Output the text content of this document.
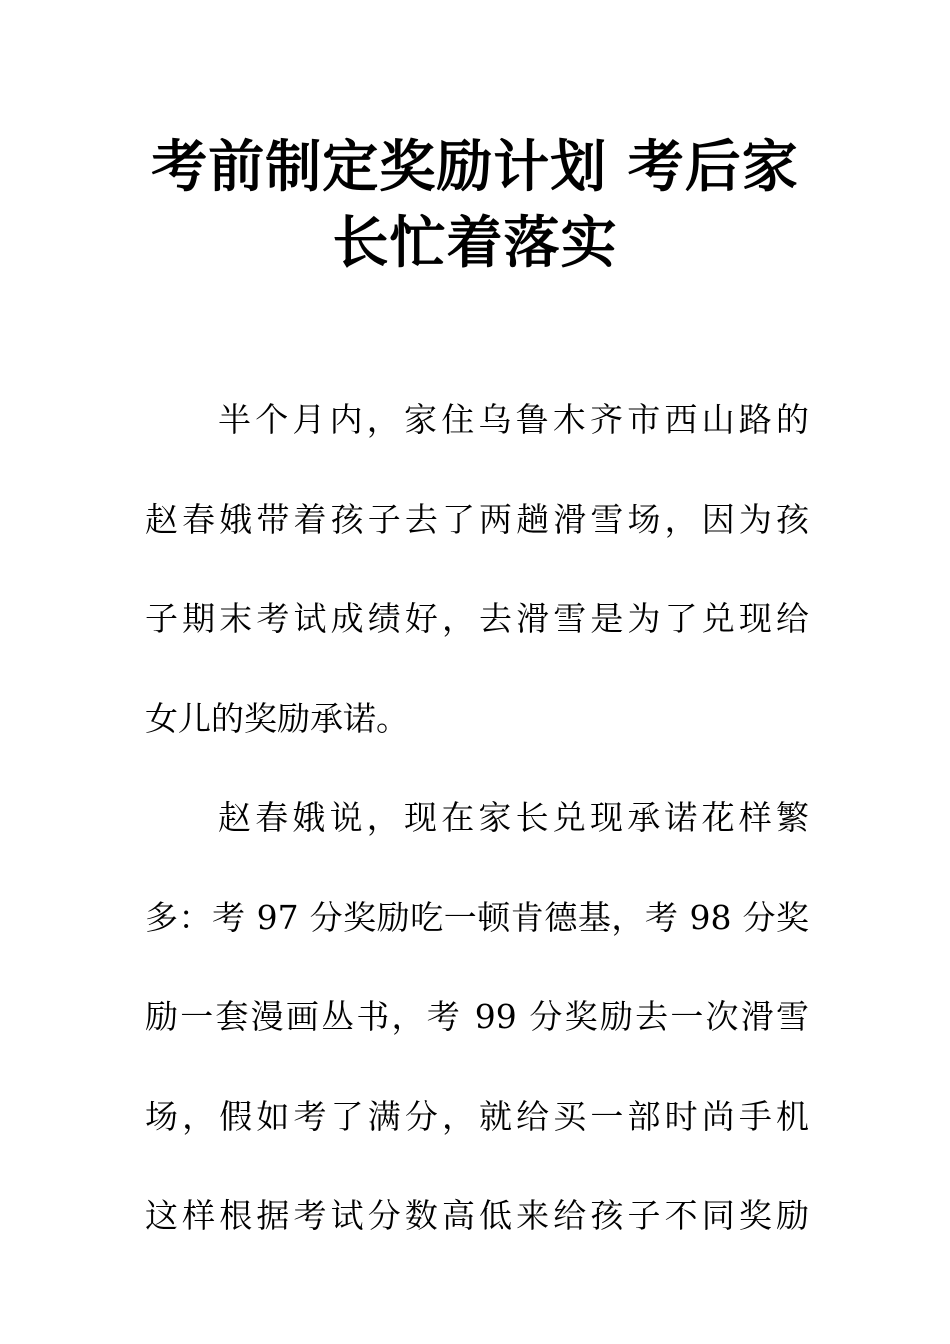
考前制定奖励计划 考后家
长忙着落实

半个月内，家住乌鲁木齐市西山路的
赵春娥带着孩子去了两趟滑雪场，因为孩
子期末考试成绩好，去滑雪是为了兑现给
女儿的奖励承诺。

赵春娥说，现在家长兑现承诺花样繁
多：考 97 分奖励吃一顿肯德基，考 98 分奖
励一套漫画丛书，考 99 分奖励去一次滑雪
场，假如考了满分，就给买一部时尚手机
这样根据考试分数高低来给孩子不同奖励
